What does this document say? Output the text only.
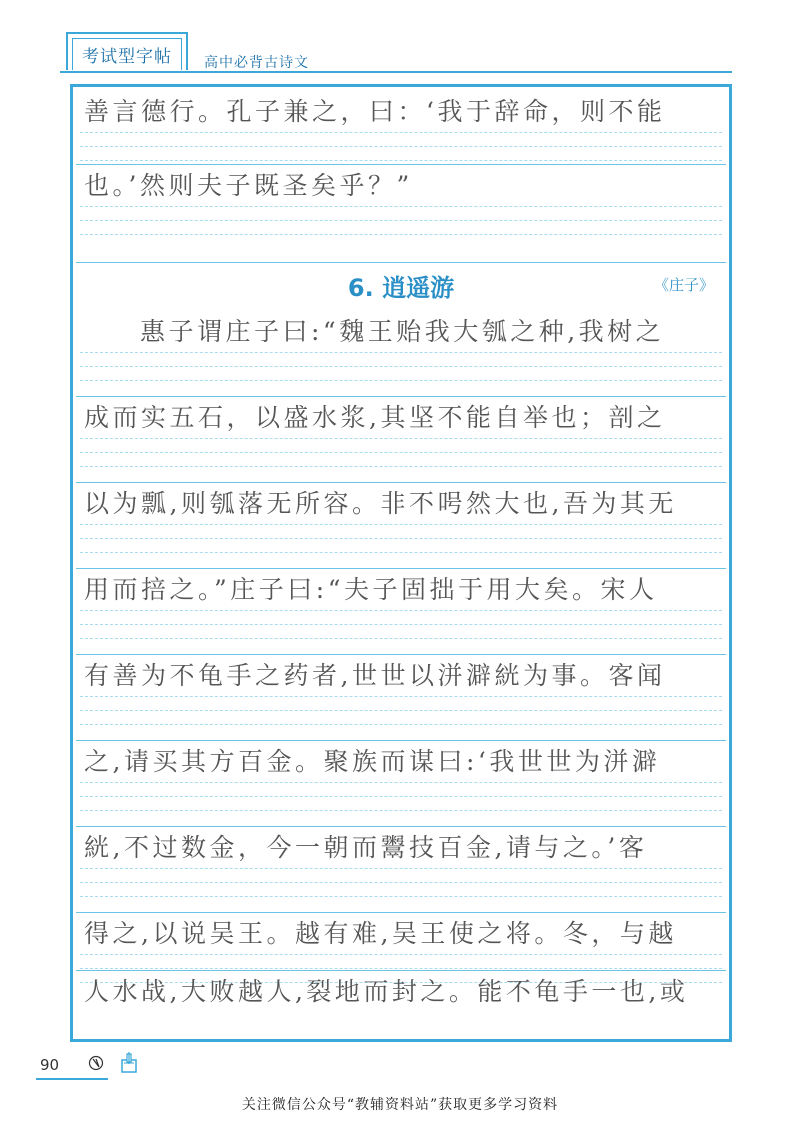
考试型字帖	高中必背古诗文
善言德行。孔子兼之，曰：‘我于辞命，则不能
也。’然则夫子既圣矣乎？”
6. 逍遥游	《庄子》
惠子谓庄子曰:“魏王贻我大瓠之种,我树之
成而实五石，以盛水浆,其坚不能自举也；剖之
以为瓢,则瓠落无所容。非不呺然大也,吾为其无
用而掊之。”庄子曰:“夫子固拙于用大矣。宋人
有善为不龟手之药者,世世以洴澼絖为事。客闻
之,请买其方百金。聚族而谋曰:‘我世世为洴澼
絖,不过数金，今一朝而鬻技百金,请与之。’客
得之,以说吴王。越有难,吴王使之将。冬，与越
人水战,大败越人,裂地而封之。能不龟手一也,或
90
关注微信公众号“教辅资料站”获取更多学习资料
